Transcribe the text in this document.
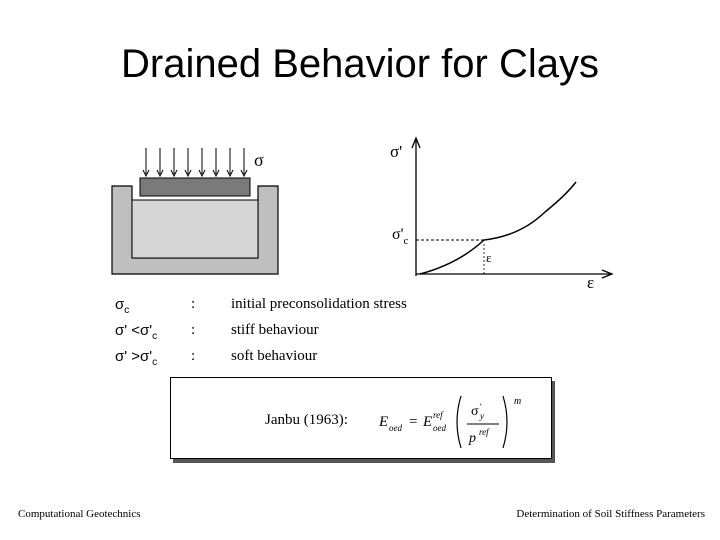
Drained Behavior for Clays
σ	σ'
ε
$\sigma'_c$
ε
$\sigma_c$	: initial preconsolidation stress
$\sigma' <\sigma'_c$ : stiff behaviour
$\sigma' >\sigma'_c$ : soft behaviour
Janbu (1963): E oed = E ref
oed
σ '
y
p ref
m
Computational Geotechnics	Determination of Soil Stiffness Parameters
